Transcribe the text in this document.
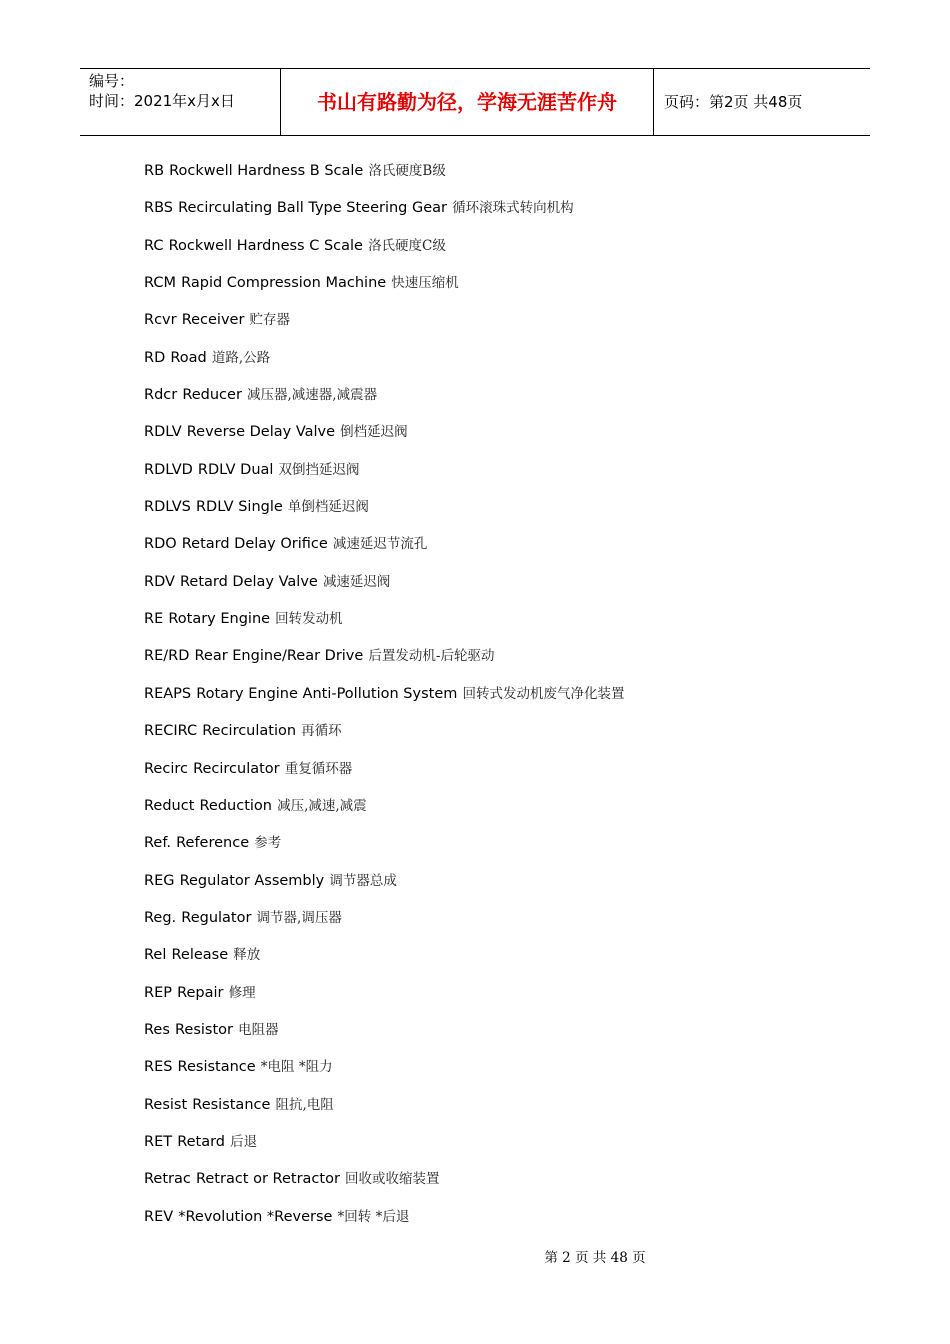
编号：
时间：2021年x月x日	书山有路勤为径，学海无涯苦作舟	页码：第2页 共48页
RB Rockwell Hardness B Scale 洛氏硬度B级
RBS Recirculating Ball Type Steering Gear 循环滚珠式转向机构
RC Rockwell Hardness C Scale 洛氏硬度C级
RCM Rapid Compression Machine 快速压缩机
Rcvr Receiver 贮存器
RD Road 道路,公路
Rdcr Reducer 减压器,减速器,减震器
RDLV Reverse Delay Valve 倒档延迟阀
RDLVD RDLV Dual 双倒挡延迟阀
RDLVS RDLV Single 单倒档延迟阀
RDO Retard Delay Orifice 减速延迟节流孔
RDV Retard Delay Valve 减速延迟阀
RE Rotary Engine 回转发动机
RE/RD Rear Engine/Rear Drive 后置发动机-后轮驱动
REAPS Rotary Engine Anti-Pollution System 回转式发动机废气净化装置
RECIRC Recirculation 再循环
Recirc Recirculator 重复循环器
Reduct Reduction 减压,减速,减震
Ref. Reference 参考
REG Regulator Assembly 调节器总成
Reg. Regulator 调节器,调压器
Rel Release 释放
REP Repair 修理
Res Resistor 电阻器
RES Resistance *电阻 *阻力
Resist Resistance 阻抗,电阻
RET Retard 后退
Retrac Retract or Retractor 回收或收缩装置
REV *Revolution *Reverse *回转 *后退
第 2 页 共 48 页
